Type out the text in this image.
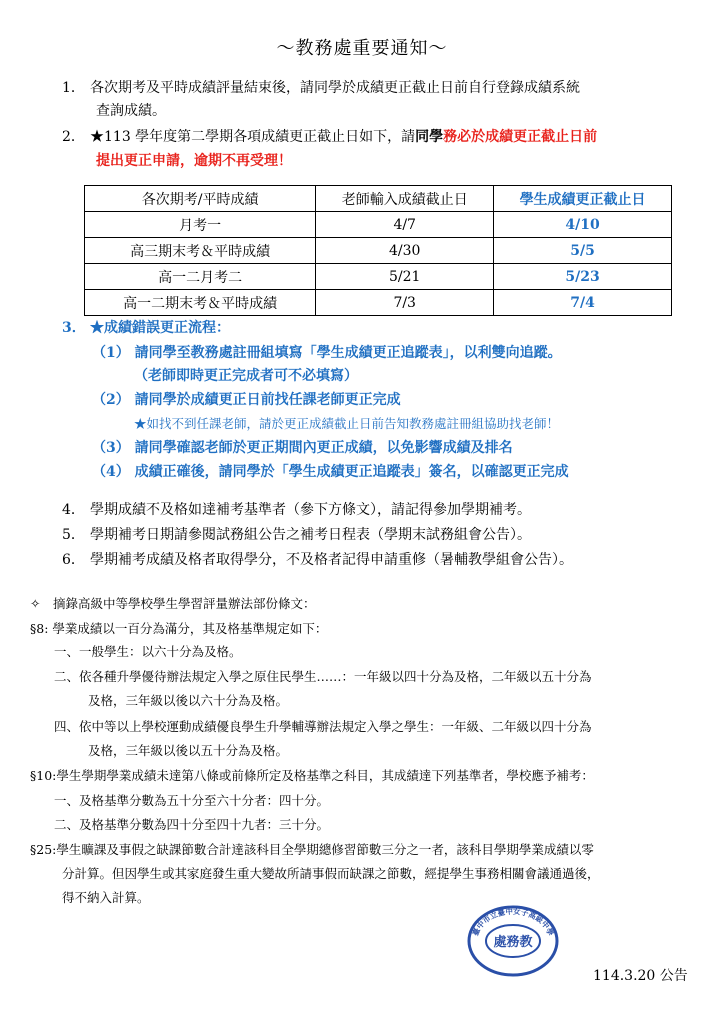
～教務處重要通知～
1． 各次期考及平時成績評量結束後，請同學於成績更正截止日前自行登錄成績系統
查詢成績。
2． ★113 學年度第二學期各項成績更正截止日如下，請同學務必於成績更正截止日前
提出更正申請，逾期不再受理！
各次期考/平時成績	老師輸入成績截止日	學生成績更正截止日
月考一	4/7	4/10
高三期末考＆平時成績	4/30	5/5
高一二月考二	5/21	5/23
高一二期末考＆平時成績	7/3	7/4
3． ★成績錯誤更正流程：
（1） 請同學至教務處註冊組填寫「學生成績更正追蹤表」，以利雙向追蹤。
（老師即時更正完成者可不必填寫）
（2） 請同學於成績更正日前找任課老師更正完成
★如找不到任課老師，請於更正成績截止日前告知教務處註冊組協助找老師！
（3） 請同學確認老師於更正期間內更正成績，以免影響成績及排名
（4） 成績正確後，請同學於「學生成績更正追蹤表」簽名，以確認更正完成
4． 學期成績不及格如達補考基準者（參下方條文），請記得參加學期補考。
5． 學期補考日期請參閱試務組公告之補考日程表（學期末試務組會公告）。
6． 學期補考成績及格者取得學分，不及格者記得申請重修（暑輔教學組會公告）。
✧　摘錄高級中等學校學生學習評量辦法部份條文：
§8: 學業成績以一百分為滿分，其及格基準規定如下：
一、一般學生：以六十分為及格。
二、依各種升學優待辦法規定入學之原住民學生……：一年級以四十分為及格，二年級以五十分為
及格，三年級以後以六十分為及格。
四、依中等以上學校運動成績優良學生升學輔導辦法規定入學之學生：一年級、二年級以四十分為
及格，三年級以後以五十分為及格。
§10:學生學期學業成績未達第八條或前條所定及格基準之科目，其成績達下列基準者，學校應予補考：
一、及格基準分數為五十分至六十分者：四十分。
二、及格基準分數為四十分至四十九者：三十分。
§25:學生曠課及事假之缺課節數合計達該科目全學期總修習節數三分之一者，該科目學期學業成績以零
分計算。但因學生或其家庭發生重大變故所請事假而缺課之節數，經提學生事務相關會議通過後，
得不納入計算。
臺中市立臺中女子高級中學
處務教
114.3.20 公告
